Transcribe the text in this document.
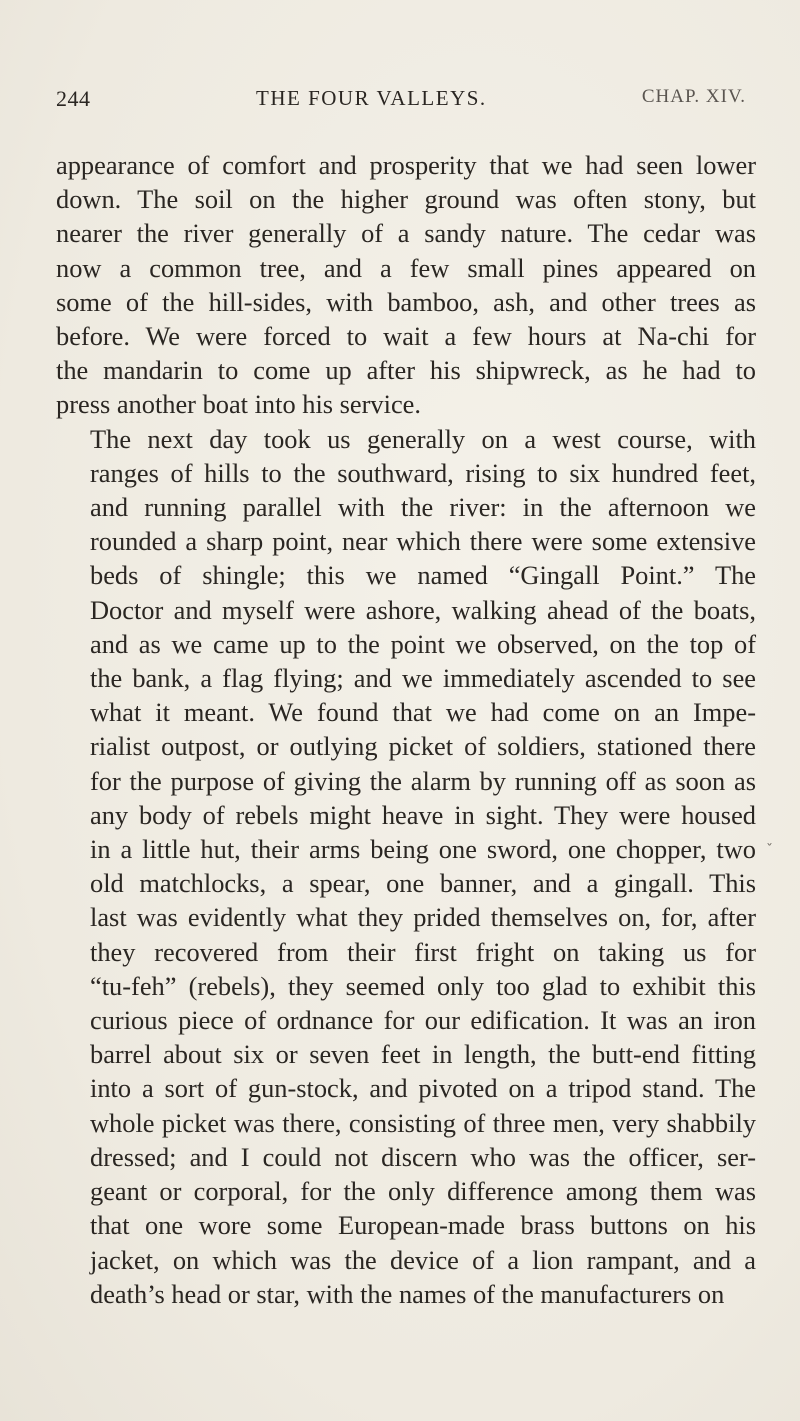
244	THE FOUR VALLEYS.	CHAP. XIV.
appearance of comfort and prosperity that we had seen lower
down. The soil on the higher ground was often stony, but
nearer the river generally of a sandy nature. The cedar was
now a common tree, and a few small pines appeared on
some of the hill-sides, with bamboo, ash, and other trees as
before. We were forced to wait a few hours at Na-chi for
the mandarin to come up after his shipwreck, as he had to
press another boat into his service.
The next day took us generally on a west course, with
ranges of hills to the southward, rising to six hundred feet,
and running parallel with the river: in the afternoon we
rounded a sharp point, near which there were some extensive
beds of shingle; this we named “Gingall Point.” The
Doctor and myself were ashore, walking ahead of the boats,
and as we came up to the point we observed, on the top of
the bank, a flag flying; and we immediately ascended to see
what it meant. We found that we had come on an Impe-
rialist outpost, or outlying picket of soldiers, stationed there
for the purpose of giving the alarm by running off as soon as
any body of rebels might heave in sight. They were housed
in a little hut, their arms being one sword, one chopper, two
old matchlocks, a spear, one banner, and a gingall. This
last was evidently what they prided themselves on, for, after
they recovered from their first fright on taking us for
“tu-feh” (rebels), they seemed only too glad to exhibit this
curious piece of ordnance for our edification. It was an iron
barrel about six or seven feet in length, the butt-end fitting
into a sort of gun-stock, and pivoted on a tripod stand. The
whole picket was there, consisting of three men, very shabbily
dressed; and I could not discern who was the officer, ser-
geant or corporal, for the only difference among them was
that one wore some European-made brass buttons on his
jacket, on which was the device of a lion rampant, and a
death’s head or star, with the names of the manufacturers on
˯
